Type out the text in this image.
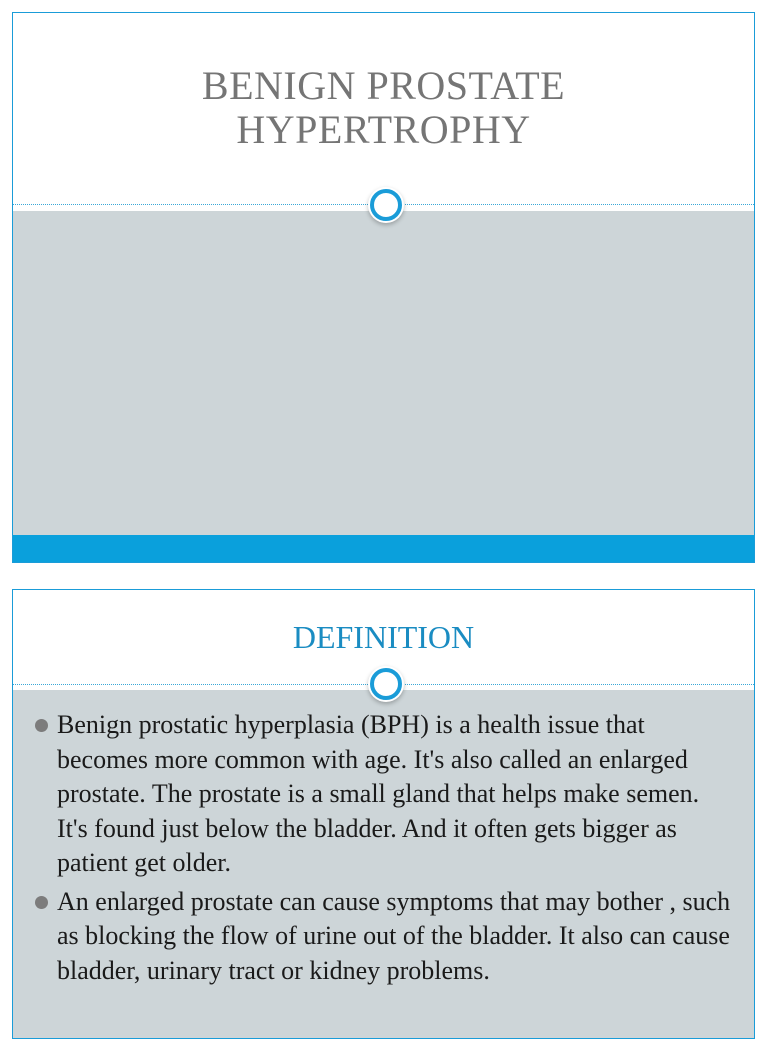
BENIGN PROSTATE
HYPERTROPHY
DEFINITION
Benign prostatic hyperplasia (BPH) is a health issue that becomes more common with age. It's also called an enlarged prostate. The prostate is a small gland that helps make semen. It's found just below the bladder. And it often gets bigger as patient get older.
An enlarged prostate can cause symptoms that may bother , such as blocking the flow of urine out of the bladder. It also can cause bladder, urinary tract or kidney problems.
